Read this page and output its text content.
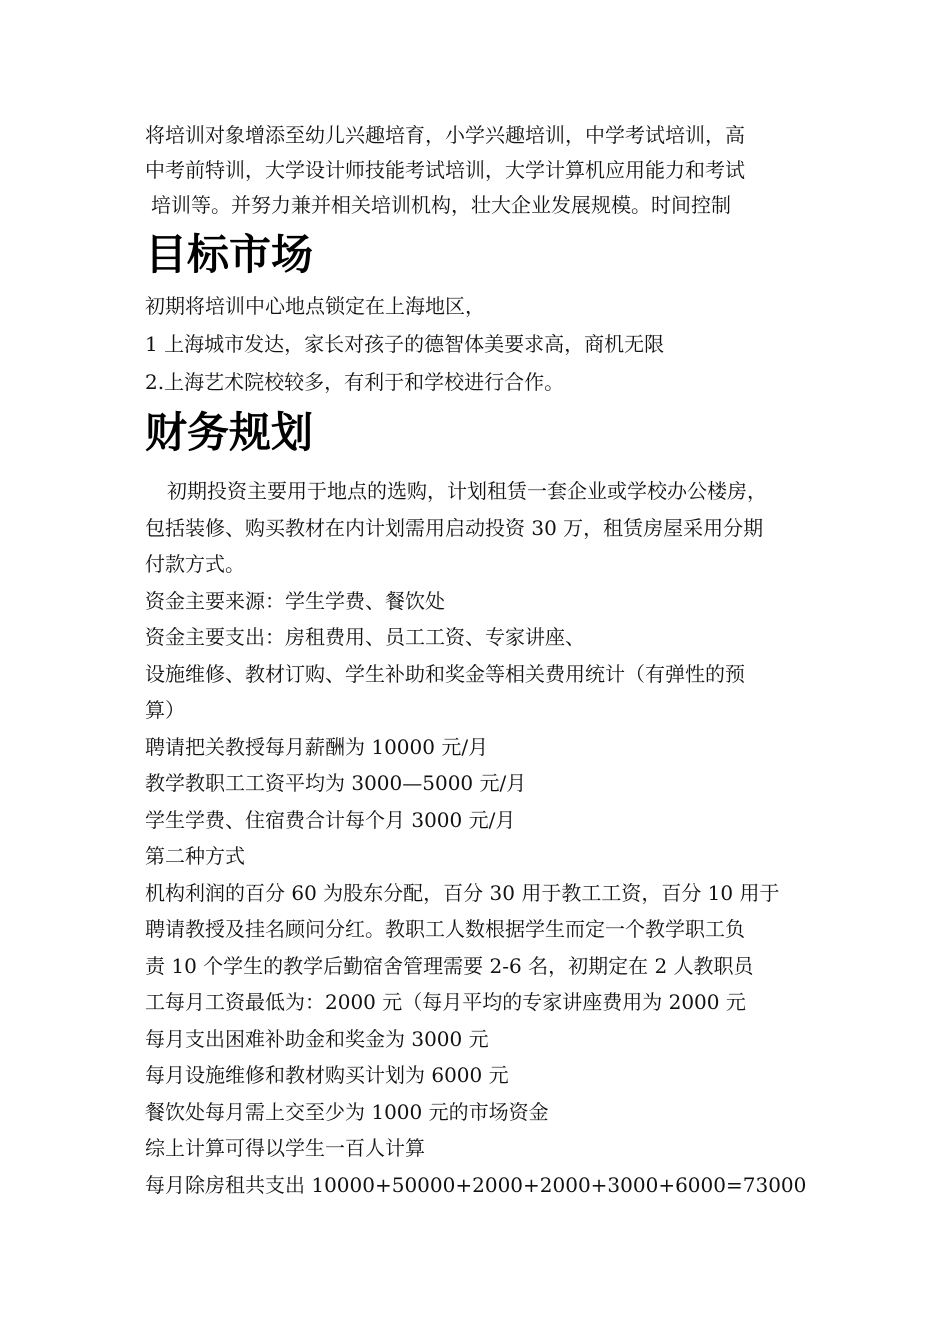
将培训对象增添至幼儿兴趣培育，小学兴趣培训，中学考试培训，高

中考前特训，大学设计师技能考试培训，大学计算机应用能力和考试

培训等。并努力兼并相关培训机构，壮大企业发展规模。时间控制

目标市场

初期将培训中心地点锁定在上海地区，

1 上海城市发达，家长对孩子的德智体美要求高，商机无限

2.上海艺术院校较多，有利于和学校进行合作。

财务规划

初期投资主要用于地点的选购，计划租赁一套企业或学校办公楼房，

包括装修、购买教材在内计划需用启动投资 30 万，租赁房屋采用分期

付款方式。

资金主要来源：学生学费、餐饮处

资金主要支出：房租费用、员工工资、专家讲座、

设施维修、教材订购、学生补助和奖金等相关费用统计（有弹性的预

算）

聘请把关教授每月薪酬为 10000 元/月

教学教职工工资平均为 3000—5000 元/月

学生学费、住宿费合计每个月 3000 元/月

第二种方式

机构利润的百分 60 为股东分配，百分 30 用于教工工资，百分 10 用于

聘请教授及挂名顾问分红。教职工人数根据学生而定一个教学职工负

责 10 个学生的教学后勤宿舍管理需要 2-6 名，初期定在 2 人教职员

工每月工资最低为：2000 元（每月平均的专家讲座费用为 2000 元

每月支出困难补助金和奖金为 3000 元

每月设施维修和教材购买计划为 6000 元

餐饮处每月需上交至少为 1000 元的市场资金

综上计算可得以学生一百人计算

每月除房租共支出 10000+50000+2000+2000+3000+6000=73000
